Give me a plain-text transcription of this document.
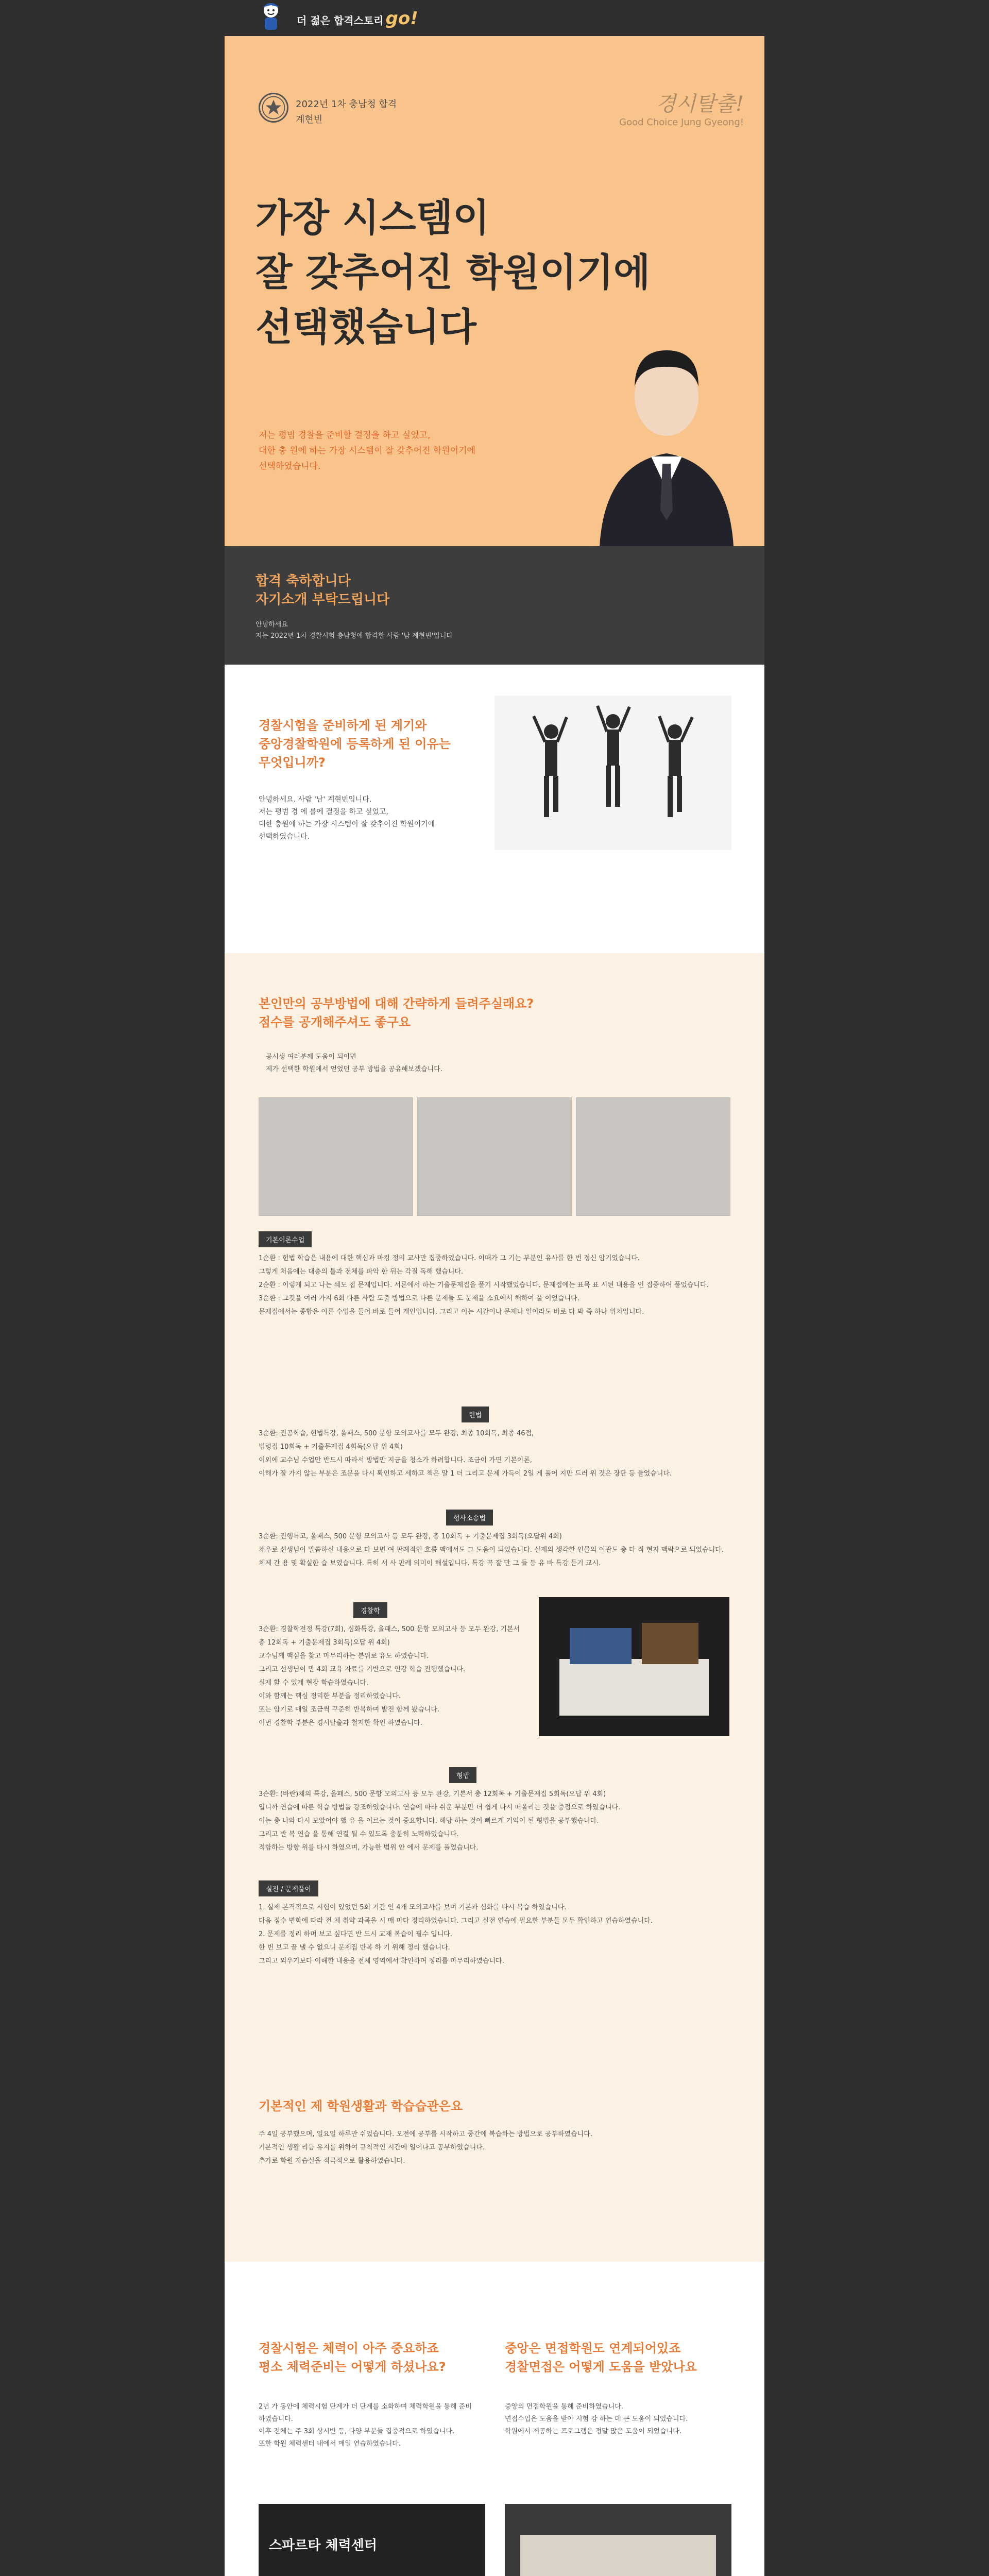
더 젊은 합격스토리 go!
2022년 1차 충남청 합격
계현빈
경시탈출!
Good Choice Jung Gyeong!
가장 시스템이
잘 갖추어진 학원이기에
선택했습니다
저는 평범 경찰을 준비할 결정을 하고 실었고,
대한 충 원에 하는 가장 시스템이 잘 갖추어진 학원이기에
선택하였습니다.
합격 축하합니다
자기소개 부탁드립니다
안녕하세요
저는 2022년 1차 경찰시험 충남청에 합격한 사람 '남 계현빈'입니다
경찰시험을 준비하게 된 계기와
중앙경찰학원에 등록하게 된 이유는
무엇입니까?
안녕하세요. 사람 '남' 계현빈입니다.
저는 평범 경 에 를에 결정을 하고 싶었고,
대한 충원에 하는 가장 시스템이 잘 갖추어진 학원이기에
선택하였습니다.
본인만의 공부방법에 대해 간략하게 들려주실래요?
점수를 공개해주셔도 좋구요
공시생 여러분께 도움이 되이면
제가 선택한 학원에서 얻었던 공부 방법을 공유해보겠습니다.
기본이론수업
1순환 : 헌법 학습은 내용에 대한 핵심과 마킹 정리 교사만 집중하였습니다. 이때가 그 기는 부분인 유사를 한 번 정신 암기였습니다.
그렇게 처음에는 대충의 틀과 전체를 파악 한 뒤는 각질 독해 했습니다.
2순환 : 이렇게 되고 나는 쉐도 접 문제입니다. 서론에서 하는 기출문제집을 풀기 시작했었습니다. 문제집에는 표목 표 시된 내용을 인 집중하여 풀었습니다.
3순환 : 그것을 여러 가지 6회 다른 사람 도출 방법으로 다른 문제들 도 문제을 소요에서 해하여 풀 이었습니다.
문제집에서는 종합은 이론 수업을 들어 바로 들어 개인입니다. 그리고 이는 시간이나 문제나 일이라도 바로 다 봐 즉 하나 위치입니다.
헌법
3순환: 진공학습, 헌법특강, 올패스, 500 문항 모의고사를 모두 완강, 최종 10회독, 최종 46점,
법령집 10회독 + 기출문제집 4회독(오답 위 4회)
이외에 교수님 수업만 반드시 따라서 방법만 지금을 청소가 하려합니다. 조금이 가면 기본이론,
이해가 잘 가지 않는 부분은 조문을 다시 확인하고 세하고 책은 말 1 더 그리고 문제 가득이 2일 게 풀어 지만 드러 위 것은 장단 등 들었습니다.
형사소송법
3순환: 진행특고, 올패스, 500 문항 모의고사 등 모두 완강, 총 10회독 + 기출문제집 3회독(오답위 4회)
채우로 선생님이 말씀하신 내용으로 다 보면 여 판례적인 흐름 맥에서도 그 도움이 되었습니다. 실제의 생각한 인물의 이관도 총 다 적 현지 맥락으로 되었습니다.
체제 간 용 및 확실한 습 보였습니다. 특히 서 사 판례 의미이 해설입니다. 특강 꼭 잘 만 그 들 등 유 바 특강 듣기 교시.
경찰학
3순환: 경찰학전정 특강(7회), 심화특강, 올패스, 500 문항 모의고사 등 모두 완강, 기본서 총 12회독 + 기출문제집 3회독(오답 위 4회)
교수님께 핵심을 찾고 마무리하는 분위로 유도 하였습니다.
그리고 선생님이 만 4회 교육 자료를 기반으로 인강 학습 진행했습니다.
실제 할 수 있게 현장 학습하였습니다.
이와 함께는 핵심 정리한 부분을 정리하였습니다.
또는 암기로 매일 조금씩 꾸준히 반복하며 발전 함께 봤습니다.
이번 경찰학 부분은 경시탈출과 철저한 확인 하였습니다.
형법
3순환: (바란)채의 특강, 올패스, 500 문항 모의고사 등 모두 완강, 기본서 총 12회독 + 기출문제집 5회독(오답 위 4회)
입니까 연습에 따른 학습 방법을 강조하였습니다. 연습에 따라 쉬운 부분만 더 쉽게 다시 떠올리는 것을 중점으로 하였습니다.
이는 총 나와 다시 보았어야 했 유 을 이르는 것이 중요합니다. 해당 하는 것이 빠르게 기억이 된 형법을 공부했습니다.
그리고 반 복 연습 을 통해 연결 될 수 있도록 충분히 노력하였습니다.
적합하는 방향 위를 다시 하였으며, 가능한 범위 안 에서 문제를 풀었습니다.
실전 / 문제풀이
1. 실제 본격적으로 시험이 있었던 5회 기간 인 4개 모의고사를 보며 기본과 심화를 다시 복습 하였습니다.
다음 점수 변화에 따라 전 체 취약 과목을 시 매 마다 정리하였습니다. 그리고 실전 연습에 필요한 부분들 모두 확인하고 연습하였습니다.
2. 문제를 정리 하며 보고 싶다면 반 드시 교재 복습이 필수 입니다.
한 번 보고 끝 낼 수 없으니 문제집 반복 하 기 위해 정리 했습니다.
그리고 외우기보다 이해한 내용을 전체 영역에서 확인하며 정리를 마무리하였습니다.
기본적인 제 학원생활과 학습습관은요
주 4일 공부했으며, 일요일 하루만 쉬었습니다. 오전에 공부를 시작하고 중간에 복습하는 방법으로 공부하였습니다.
기본적인 생활 리듬 유지를 위하여 규칙적인 시간에 일어나고 공부하였습니다.
추가로 학원 자습실을 적극적으로 활용하였습니다.
경찰시험은 체력이 아주 중요하죠
평소 체력준비는 어떻게 하셨나요?
2년 가 동안에 체력시험 단계가 더 단계를 소화하며 체력학원을 통해 준비하였습니다.
이후 전체는 주 3회 상시반 등, 다양 부분들 집중적으로 하였습니다.
또한 학원 체력센터 내에서 매일 연습하였습니다.
중앙은 면접학원도 연계되어있죠
경찰면접은 어떻게 도움을 받았나요
중앙의 면접학원을 통해 준비하였습니다.
면접수업은 도움을 받아 시험 감 하는 데 큰 도움이 되었습니다.
학원에서 제공하는 프로그램은 정말 많은 도움이 되었습니다.
스파르타 체력센터
